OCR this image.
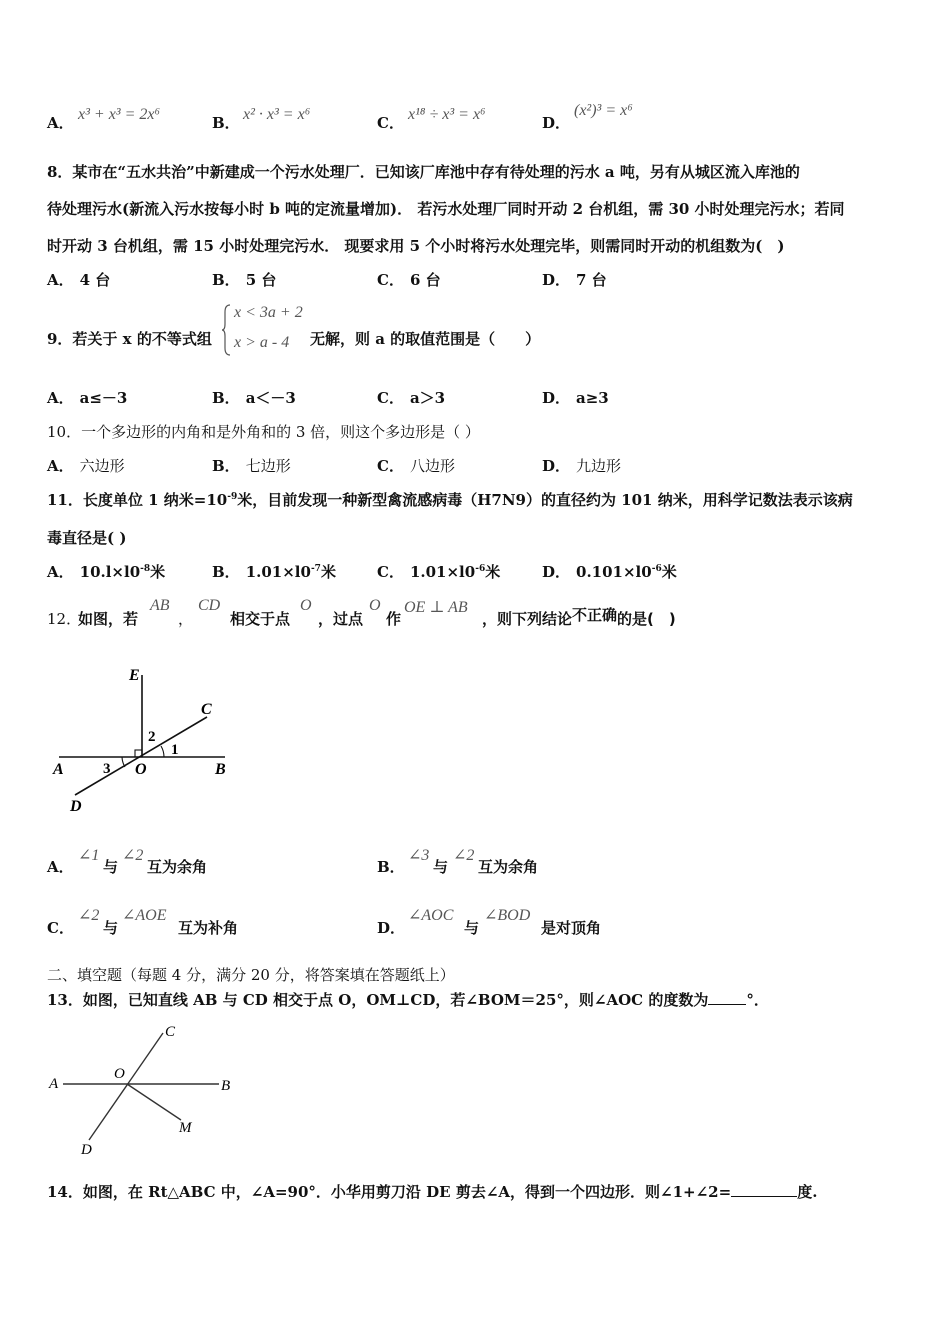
A． x³ + x³ = 2x⁶	B． x² · x³ = x⁶	C． x¹⁸ ÷ x³ = x⁶	D．
(x²)³ = x⁶
8．某市在“五水共治”中新建成一个污水处理厂．已知该厂库池中存有待处理的污水 a 吨，另有从城区流入库池的
待处理污水(新流入污水按每小时 b 吨的定流量增加)． 若污水处理厂同时开动 2 台机组，需 30 小时处理完污水；若同
时开动 3 台机组，需 15 小时处理完污水． 现要求用 5 个小时将污水处理完毕，则需同时开动的机组数为(　)
A． 4 台	B． 5 台	C． 6 台	D． 7 台
9．若关于 x 的不等式组
x < 3a + 2
x > a - 4 无解，则 a 的取值范围是（　　）
A． a≤－3	B． a＜－3	C． a＞3	D． a≥3
10．一个多边形的内角和是外角和的 3 倍，则这个多边形是（ ）
A． 六边形	B． 七边形	C． 八边形	D． 九边形
11．长度单位 1 纳米$=10^{-9}$米，目前发现一种新型禽流感病毒（H7N9）的直径约为 101 纳米，用科学记数法表示该病
毒直径是( )
A． $10.l\times l0^{-8}$米	B． $1.01\times l0^{-7}$米	C． $1.01\times l0^{-6}$米	D． $0.101\times l0^{-6}$米
12．
如图，若
AB
，
CD
相交于点
O
，过点
O
作
OE ⊥ AB
，则下列结论不正确的是(　)
E
C
A	O	B
D
1
2
3
A．
∠1
与
∠2
互为余角	B．
∠3
与
∠2
互为余角
C．
∠2
与
∠AOE
互为补角	D．
∠AOC
与
∠BOD
是对顶角
二、填空题（每题 4 分，满分 20 分，将答案填在答题纸上）
13．如图，已知直线 AB 与 CD 相交于点 O，OM⊥CD，若∠BOM＝25°，则∠AOC 的度数为	°．
C
A
O
B
M
D
14．如图，在 Rt△ABC 中，∠A=90°．小华用剪刀沿 DE 剪去∠A，得到一个四边形．则∠1+∠2=	度.
